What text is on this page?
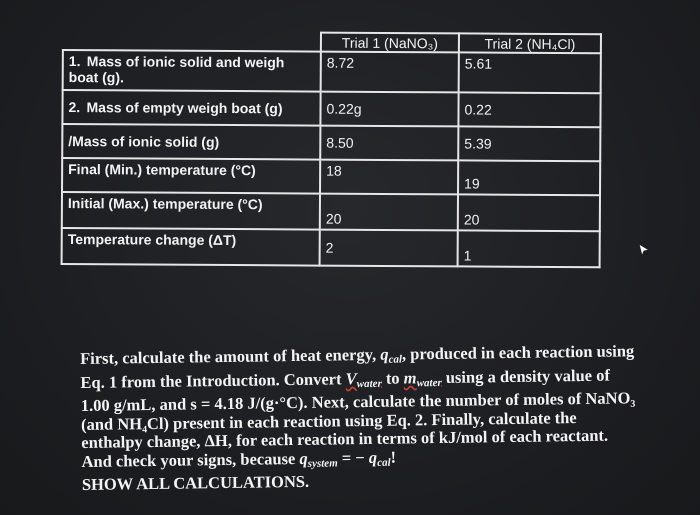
	Trial 1 (NaNO₃)	Trial 2 (NH₄Cl)
1. Mass of ionic solid and weigh boat (g).	8.72	5.61
2. Mass of empty weigh boat (g)	0.22g	0.22
/Mass of ionic solid (g)	8.50	5.39
Final (Min.) temperature (°C)	18	19
Initial (Max.) temperature (°C)	20	20
Temperature change (ΔT)	2	1

First, calculate the amount of heat energy, $q_{cal}$, produced in each reaction using Eq. 1 from the Introduction. Convert $V_{water}$ to $m_{water}$ using a density value of 1.00 g/mL, and s = 4.18 J/(g·°C). Next, calculate the number of moles of NaNO₃ (and NH₄Cl) present in each reaction using Eq. 2. Finally, calculate the enthalpy change, ΔH, for each reaction in terms of kJ/mol of each reactant. And check your signs, because $q_{system}$ = − $q_{cal}$!

SHOW ALL CALCULATIONS.
